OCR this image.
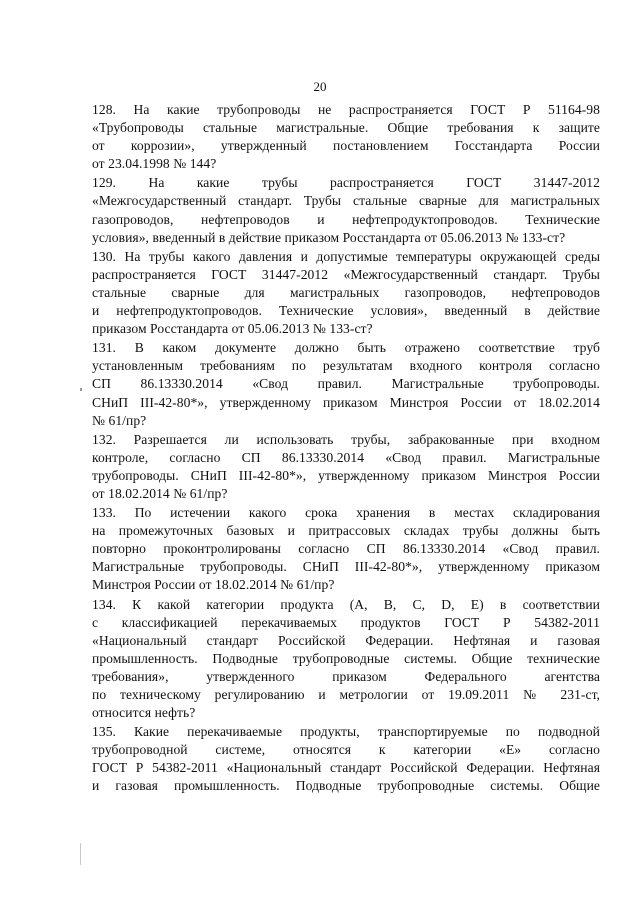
20

128. На какие трубопроводы не распространяется ГОСТ Р 51164-98
«Трубопроводы стальные магистральные. Общие требования к защите
от коррозии», утвержденный постановлением Госстандарта России
от 23.04.1998 № 144?

129. На какие трубы распространяется ГОСТ 31447-2012
«Межгосударственный стандарт. Трубы стальные сварные для магистральных
газопроводов, нефтепроводов и нефтепродуктопроводов. Технические
условия», введенный в действие приказом Росстандарта от 05.06.2013 № 133-ст?

130. На трубы какого давления и допустимые температуры окружающей среды
распространяется ГОСТ 31447-2012 «Межгосударственный стандарт. Трубы
стальные сварные для магистральных газопроводов, нефтепроводов
и нефтепродуктопроводов. Технические условия», введенный в действие
приказом Росстандарта от 05.06.2013 № 133-ст?

131. В каком документе должно быть отражено соответствие труб
установленным требованиям по результатам входного контроля согласно
СП 86.13330.2014 «Свод правил. Магистральные трубопроводы.
СНиП III-42-80*», утвержденному приказом Минстроя России от 18.02.2014
№ 61/пр?

132. Разрешается ли использовать трубы, забракованные при входном
контроле, согласно СП 86.13330.2014 «Свод правил. Магистральные
трубопроводы. СНиП III-42-80*», утвержденному приказом Минстроя России
от 18.02.2014 № 61/пр?

133. По истечении какого срока хранения в местах складирования
на промежуточных базовых и притрассовых складах трубы должны быть
повторно проконтролированы согласно СП 86.13330.2014 «Свод правил.
Магистральные трубопроводы. СНиП III-42-80*», утвержденному приказом
Минстроя России от 18.02.2014 № 61/пр?

134. К какой категории продукта (A, B, C, D, E) в соответствии
с классификацией перекачиваемых продуктов ГОСТ Р 54382-2011
«Национальный стандарт Российской Федерации. Нефтяная и газовая
промышленность. Подводные трубопроводные системы. Общие технические
требования», утвержденного приказом Федерального агентства
по техническому регулированию и метрологии от 19.09.2011 № 231-ст,
относится нефть?

135. Какие перекачиваемые продукты, транспортируемые по подводной
трубопроводной системе, относятся к категории «E» согласно
ГОСТ Р 54382-2011 «Национальный стандарт Российской Федерации. Нефтяная
и газовая промышленность. Подводные трубопроводные системы. Общие
